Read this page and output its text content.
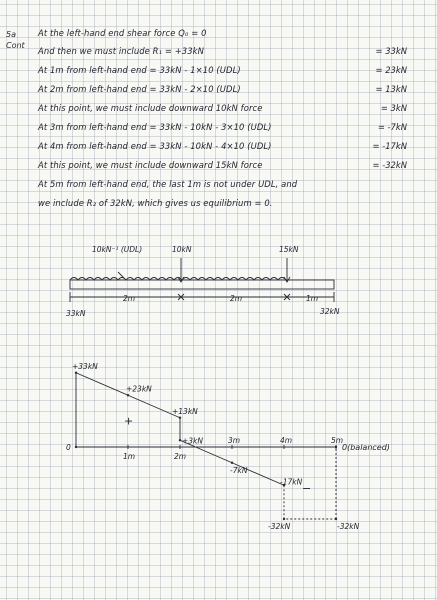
5a
Cont
At the left-hand end shear force Q₀ = 0
And then we must include R₁ = +33kN	= 33kN
At 1m from left-hand end = 33kN - 1×10 (UDL)	= 23kN
At 2m from left-hand end = 33kN - 2×10 (UDL)	= 13kN
At this point, we must include downward 10kN force	= 3kN
At 3m from left-hand end = 33kN - 10kN - 3×10 (UDL)	= -7kN
At 4m from left-hand end = 33kN - 10kN - 4×10 (UDL)	= -17kN
At this point, we must include downward 15kN force	= -32kN
At 5m from left-hand end, the last 1m is not under UDL, and
we include R₂ of 32kN, which gives us equilibrium = 0.
10kN⁻¹ (UDL)	10kN	15kN
2m	2m	1m
33kN	32kN
0
+33kN
+23kN
+13kN
+3kN
-7kN
-17kN
-32kN	-32kN
1m	2m
3m	4m	5m
0(balanced)
+
−
